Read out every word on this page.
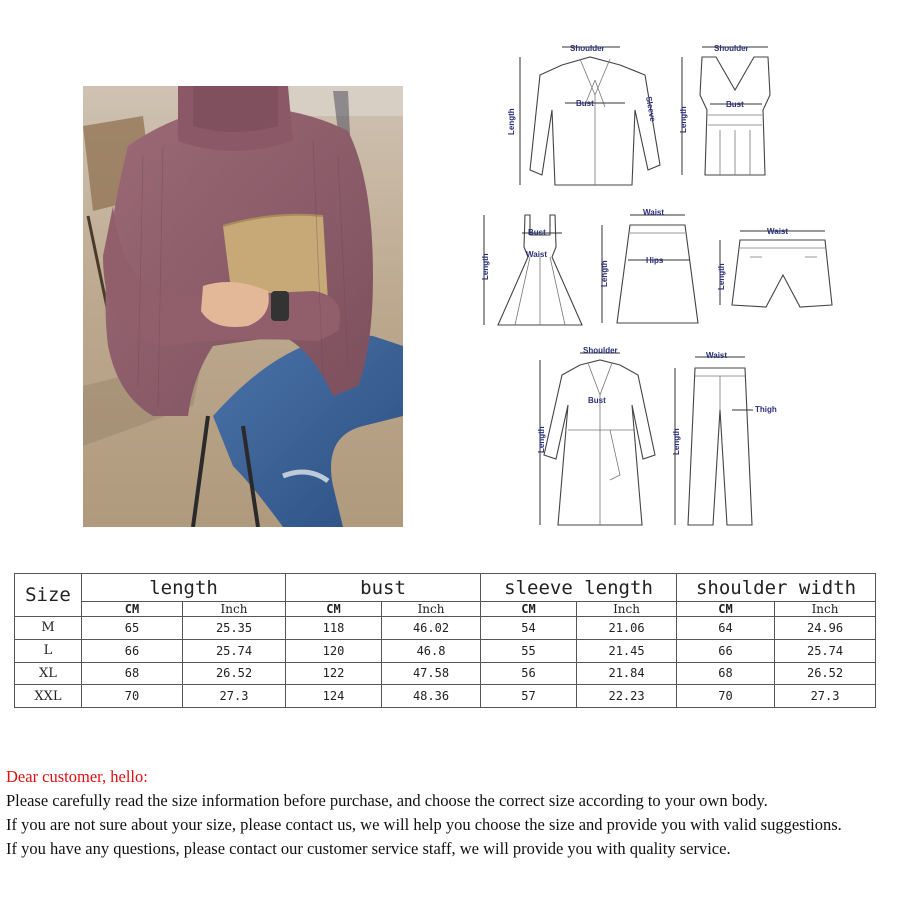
Shoulder
Length
Bust	Sleeve
Shoulder
Length
Bust
Length
Bust
Waist
Waist
Length	Hips
Waist
Length
Shoulder
Length
Bust
Waist
Length
Thigh
Size	length		bust		sleeve length		shoulder width	
	CM	Inch	CM	Inch	CM	Inch	CM	Inch
M	65	25.35	118	46.02	54	21.06	64	24.96
L	66	25.74	120	46.8	55	21.45	66	25.74
XL	68	26.52	122	47.58	56	21.84	68	26.52
XXL	70	27.3	124	48.36	57	22.23	70	27.3
Dear customer, hello:
Please carefully read the size information before purchase, and choose the correct size according to your own body.
If you are not sure about your size, please contact us, we will help you choose the size and provide you with valid suggestions.
If you have any questions, please contact our customer service staff, we will provide you with quality service.
